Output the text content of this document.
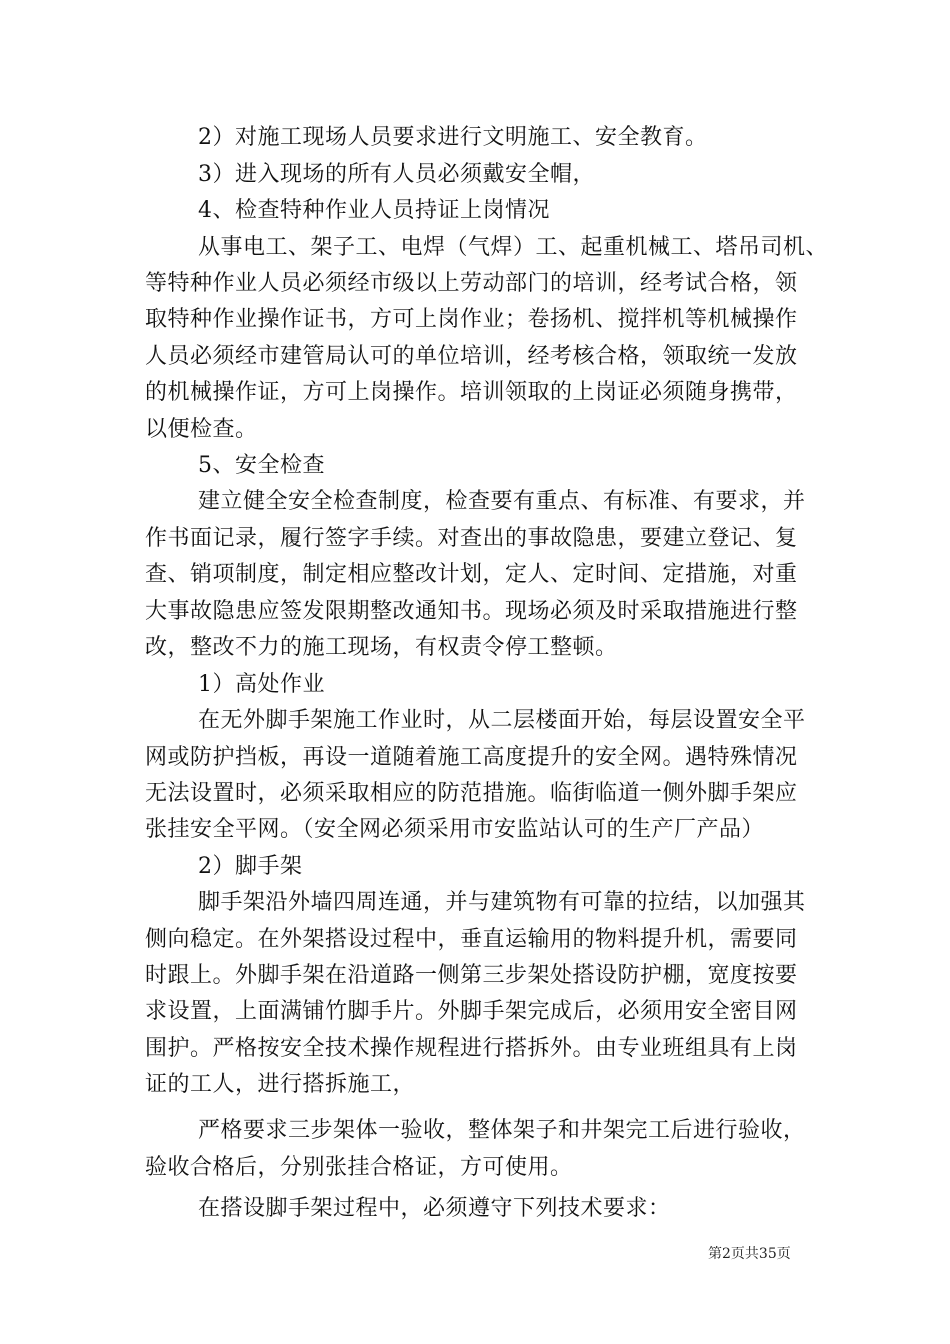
2）对施工现场人员要求进行文明施工、安全教育。
3）进入现场的所有人员必须戴安全帽，
4、检查特种作业人员持证上岗情况
从事电工、架子工、电焊（气焊）工、起重机械工、塔吊司机、
等特种作业人员必须经市级以上劳动部门的培训，经考试合格，领
取特种作业操作证书，方可上岗作业；卷扬机、搅拌机等机械操作
人员必须经市建管局认可的单位培训，经考核合格，领取统一发放
的机械操作证，方可上岗操作。培训领取的上岗证必须随身携带，
以便检查。
5、安全检查
建立健全安全检查制度，检查要有重点、有标准、有要求，并
作书面记录，履行签字手续。对查出的事故隐患，要建立登记、复
查、销项制度，制定相应整改计划，定人、定时间、定措施，对重
大事故隐患应签发限期整改通知书。现场必须及时采取措施进行整
改，整改不力的施工现场，有权责令停工整顿。
1）高处作业
在无外脚手架施工作业时，从二层楼面开始，每层设置安全平
网或防护挡板，再设一道随着施工高度提升的安全网。遇特殊情况
无法设置时，必须采取相应的防范措施。临街临道一侧外脚手架应
张挂安全平网。（安全网必须采用市安监站认可的生产厂产品）
2）脚手架
脚手架沿外墙四周连通，并与建筑物有可靠的拉结，以加强其
侧向稳定。在外架搭设过程中，垂直运输用的物料提升机，需要同
时跟上。外脚手架在沿道路一侧第三步架处搭设防护棚，宽度按要
求设置，上面满铺竹脚手片。外脚手架完成后，必须用安全密目网
围护。严格按安全技术操作规程进行搭拆外。由专业班组具有上岗
证的工人，进行搭拆施工，
严格要求三步架体一验收，整体架子和井架完工后进行验收，
验收合格后，分别张挂合格证，方可使用。
在搭设脚手架过程中，必须遵守下列技术要求：
第2页共35页
